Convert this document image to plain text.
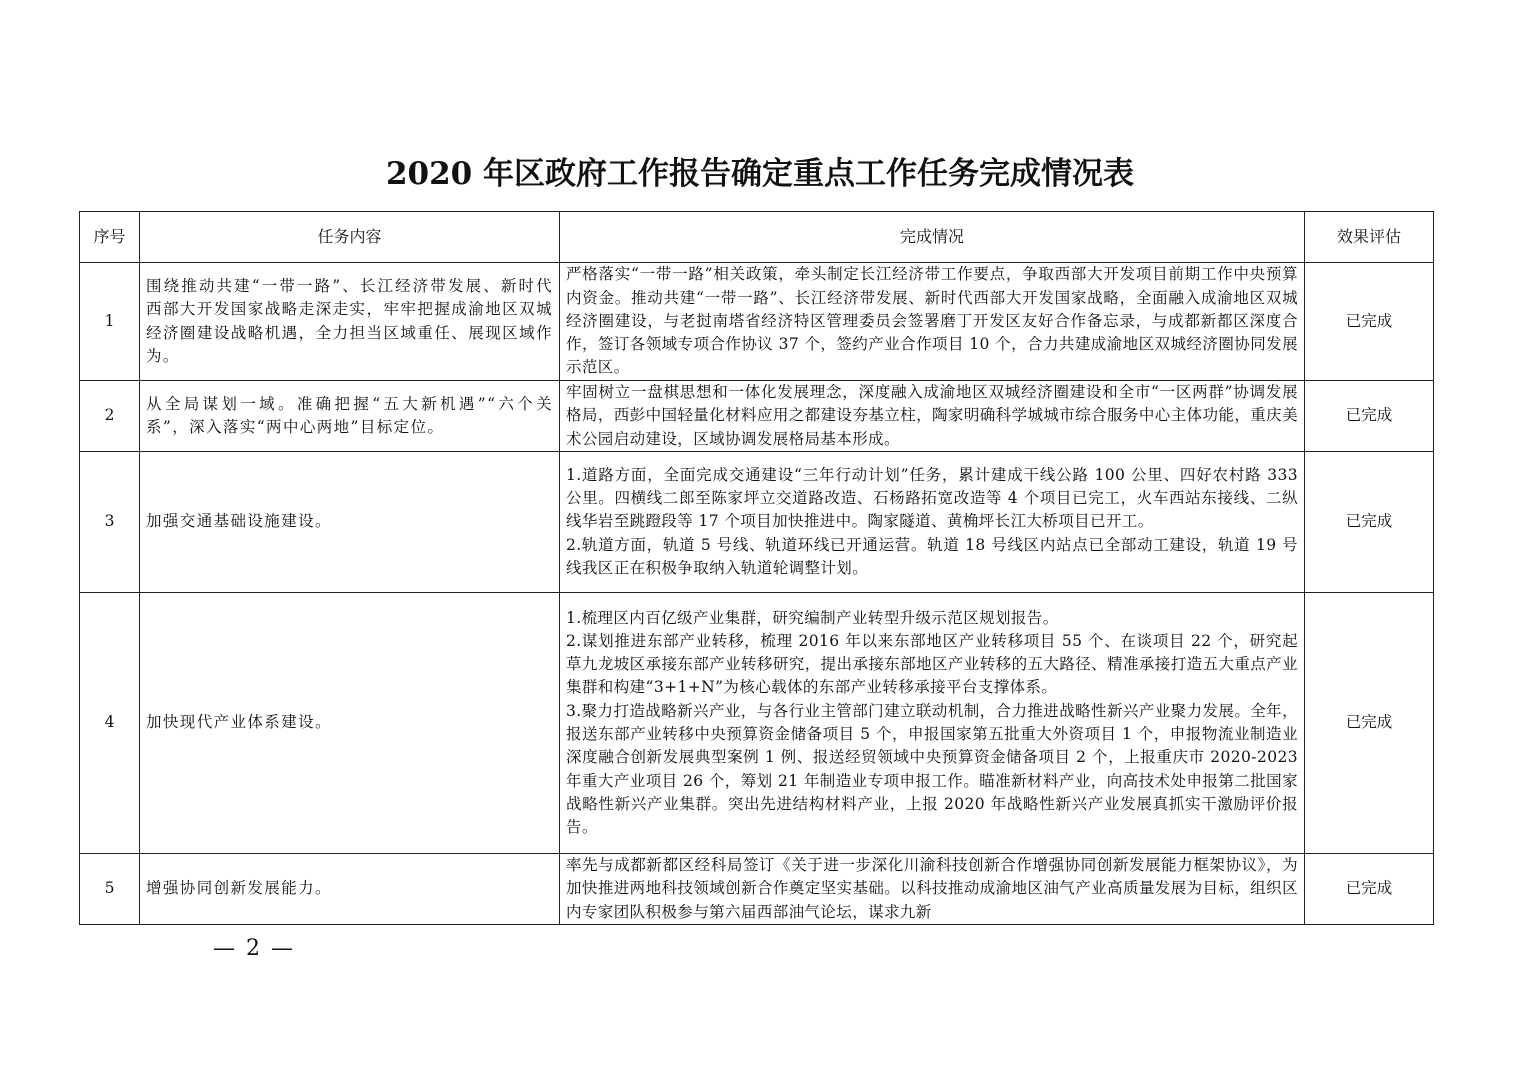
2020 年区政府工作报告确定重点工作任务完成情况表
序号	任务内容	完成情况	效果评估
1	围绕推动共建“一带一路”、长江经济带发展、新时代西部大开发国家战略走深走实，牢牢把握成渝地区双城经济圈建设战略机遇，全力担当区域重任、展现区域作为。	严格落实“一带一路”相关政策，牵头制定长江经济带工作要点，争取西部大开发项目前期工作中央预算内资金。推动共建“一带一路”、长江经济带发展、新时代西部大开发国家战略，全面融入成渝地区双城经济圈建设，与老挝南塔省经济特区管理委员会签署磨丁开发区友好合作备忘录，与成都新都区深度合作，签订各领域专项合作协议 37 个，签约产业合作项目 10 个，合力共建成渝地区双城经济圈协同发展示范区。	已完成
2	从全局谋划一域。准确把握“五大新机遇”“六个关系”，深入落实“两中心两地”目标定位。	牢固树立一盘棋思想和一体化发展理念，深度融入成渝地区双城经济圈建设和全市“一区两群”协调发展格局，西彭中国轻量化材料应用之都建设夯基立柱，陶家明确科学城城市综合服务中心主体功能，重庆美术公园启动建设，区域协调发展格局基本形成。	已完成
3	加强交通基础设施建设。	1.道路方面，全面完成交通建设“三年行动计划”任务，累计建成干线公路 100 公里、四好农村路 333 公里。四横线二郎至陈家坪立交道路改造、石杨路拓宽改造等 4 个项目已完工，火车西站东接线、二纵线华岩至跳蹬段等 17 个项目加快推进中。陶家隧道、黄桷坪长江大桥项目已开工。
2.轨道方面，轨道 5 号线、轨道环线已开通运营。轨道 18 号线区内站点已全部动工建设，轨道 19 号线我区正在积极争取纳入轨道轮调整计划。	已完成
4	加快现代产业体系建设。	1.梳理区内百亿级产业集群，研究编制产业转型升级示范区规划报告。
2.谋划推进东部产业转移，梳理 2016 年以来东部地区产业转移项目 55 个、在谈项目 22 个，研究起草九龙坡区承接东部产业转移研究，提出承接东部地区产业转移的五大路径、精准承接打造五大重点产业集群和构建“3+1+N”为核心载体的东部产业转移承接平台支撑体系。
3.聚力打造战略新兴产业，与各行业主管部门建立联动机制，合力推进战略性新兴产业聚力发展。全年，报送东部产业转移中央预算资金储备项目 5 个，申报国家第五批重大外资项目 1 个，申报物流业制造业深度融合创新发展典型案例 1 例、报送经贸领域中央预算资金储备项目 2 个，上报重庆市 2020-2023 年重大产业项目 26 个，筹划 21 年制造业专项申报工作。瞄准新材料产业，向高技术处申报第二批国家战略性新兴产业集群。突出先进结构材料产业，上报 2020 年战略性新兴产业发展真抓实干激励评价报告。	已完成
5	增强协同创新发展能力。	率先与成都新都区经科局签订《关于进一步深化川渝科技创新合作增强协同创新发展能力框架协议》，为加快推进两地科技领域创新合作奠定坚实基础。以科技推动成渝地区油气产业高质量发展为目标，组织区内专家团队积极参与第六届西部油气论坛，谋求九新	已完成
— 2 —
